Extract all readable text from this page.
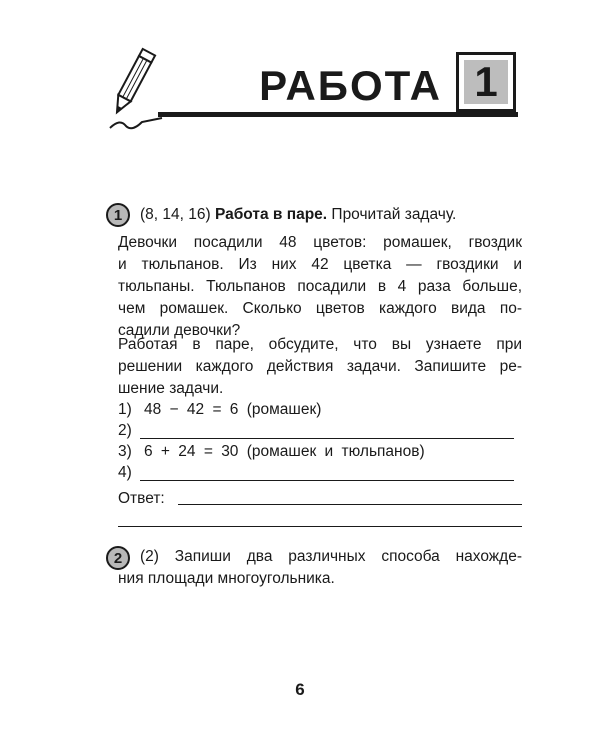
РАБОТА 1
1	(8, 14, 16) Работа в паре. Прочитай задачу.
Девочки посадили 48 цветов: ромашек, гвоздик
и тюльпанов. Из них 42 цветка — гвоздики и
тюльпаны. Тюльпанов посадили в 4 раза больше,
чем ромашек. Сколько цветов каждого вида по-
садили девочки?
Работая в паре, обсудите, что вы узнаете при
решении каждого действия задачи. Запишите ре-
шение задачи.
1) 48 − 42 = 6 (ромашек)
2)
3) 6 + 24 = 30 (ромашек и тюльпанов)
4)
Ответ:
2	(2) Запиши два различных способа нахожде-
ния площади многоугольника.
6
